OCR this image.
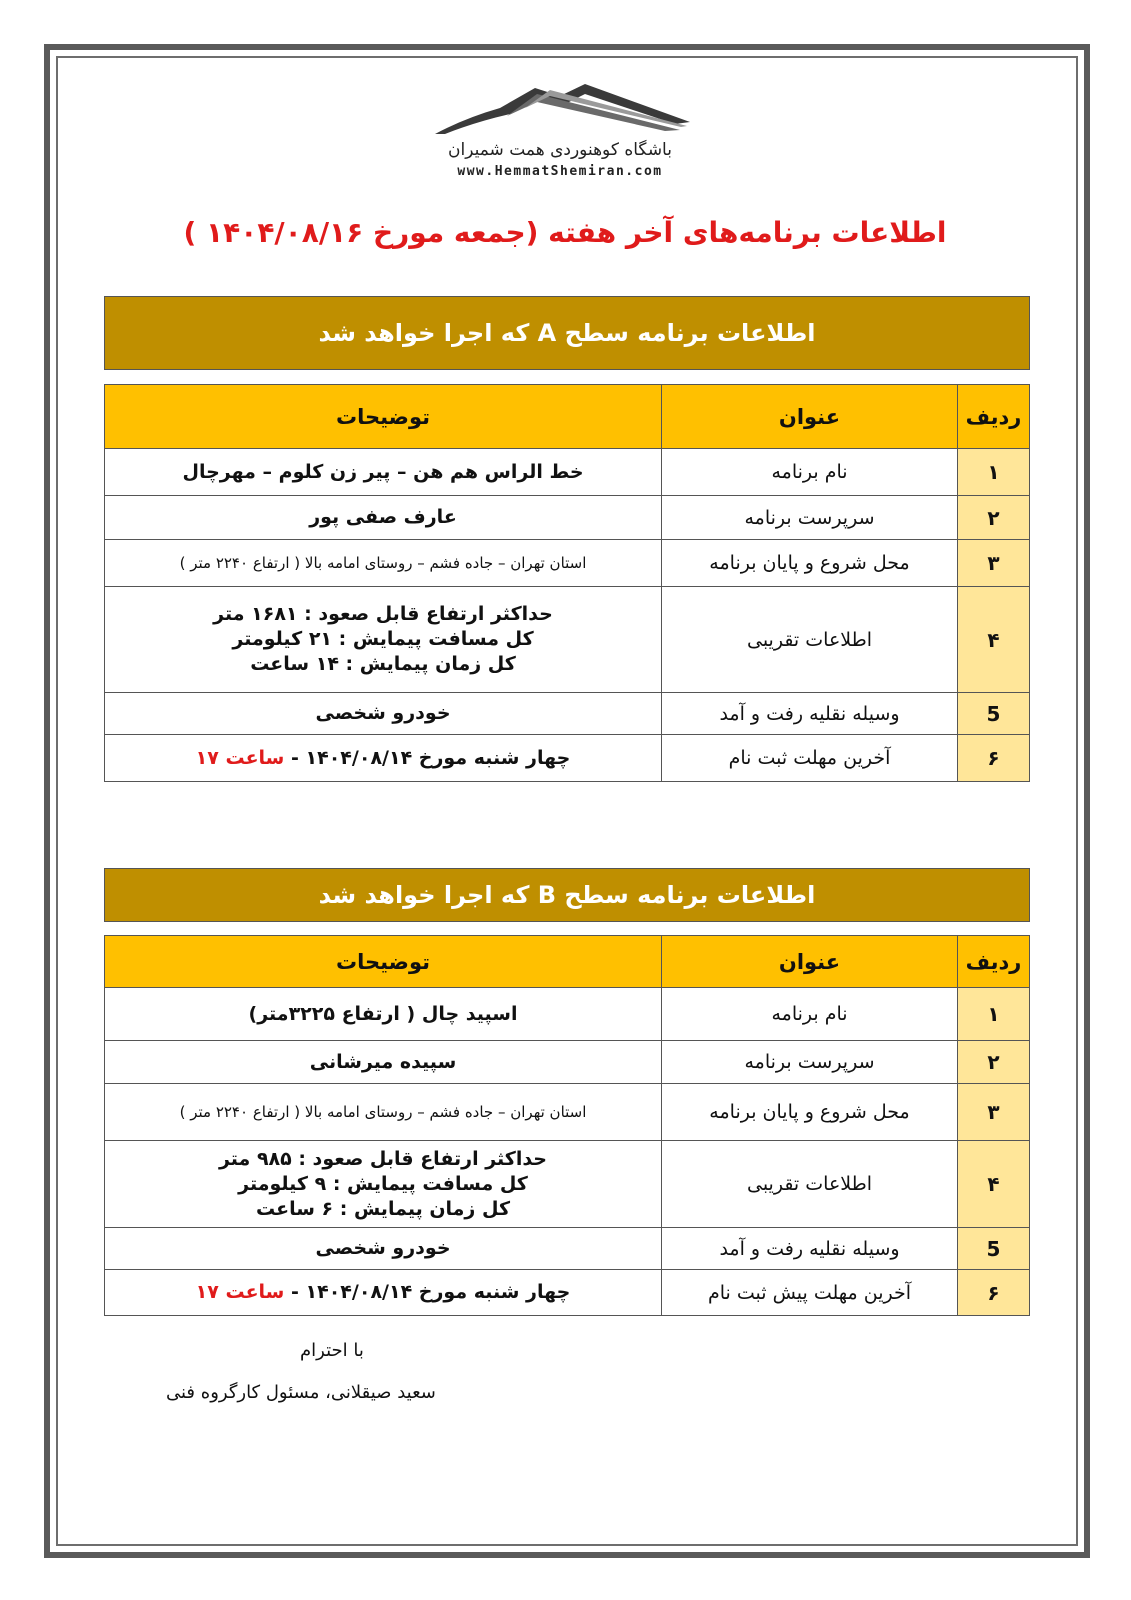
باشگاه کوهنوردی همت شمیران
www.HemmatShemiran.com
اطلاعات برنامه‌های آخر هفته (جمعه مورخ ۱۴۰۴/۰۸/۱۶ )
اطلاعات برنامه سطح A که اجرا خواهد شد
ردیف	عنوان	توضیحات
۱	نام برنامه	خط الراس هم هن – پیر زن کلوم – مهرچال
۲	سرپرست برنامه	عارف صفی پور
۳	محل شروع و پایان برنامه	استان تهران – جاده فشم – روستای امامه بالا ( ارتفاع ۲۲۴۰ متر )
۴	اطلاعات تقریبی	حداکثر ارتفاع قابل صعود : ۱۶۸۱ متر
کل مسافت پیمایش : ۲۱ کیلومتر
کل زمان پیمایش : ۱۴ ساعت

5	وسیله نقلیه رفت و آمد	خودرو شخصی
۶	آخرین مهلت ثبت نام	چهار شنبه مورخ ۱۴۰۴/۰۸/۱۴ - ساعت ۱۷
اطلاعات برنامه سطح B که اجرا خواهد شد
ردیف	عنوان	توضیحات
۱	نام برنامه	اسپید چال ( ارتفاع ۳۲۲۵متر)
۲	سرپرست برنامه	سپیده میرشانی
۳	محل شروع و پایان برنامه	استان تهران – جاده فشم – روستای امامه بالا ( ارتفاع ۲۲۴۰ متر )
۴	اطلاعات تقریبی	حداکثر ارتفاع قابل صعود : ۹۸۵ متر
کل مسافت پیمایش : ۹ کیلومتر
کل زمان پیمایش : ۶ ساعت

5	وسیله نقلیه رفت و آمد	خودرو شخصی
۶	آخرین مهلت پیش ثبت نام	چهار شنبه مورخ ۱۴۰۴/۰۸/۱۴ - ساعت ۱۷
با احترام
سعید صیقلانی، مسئول کارگروه فنی
